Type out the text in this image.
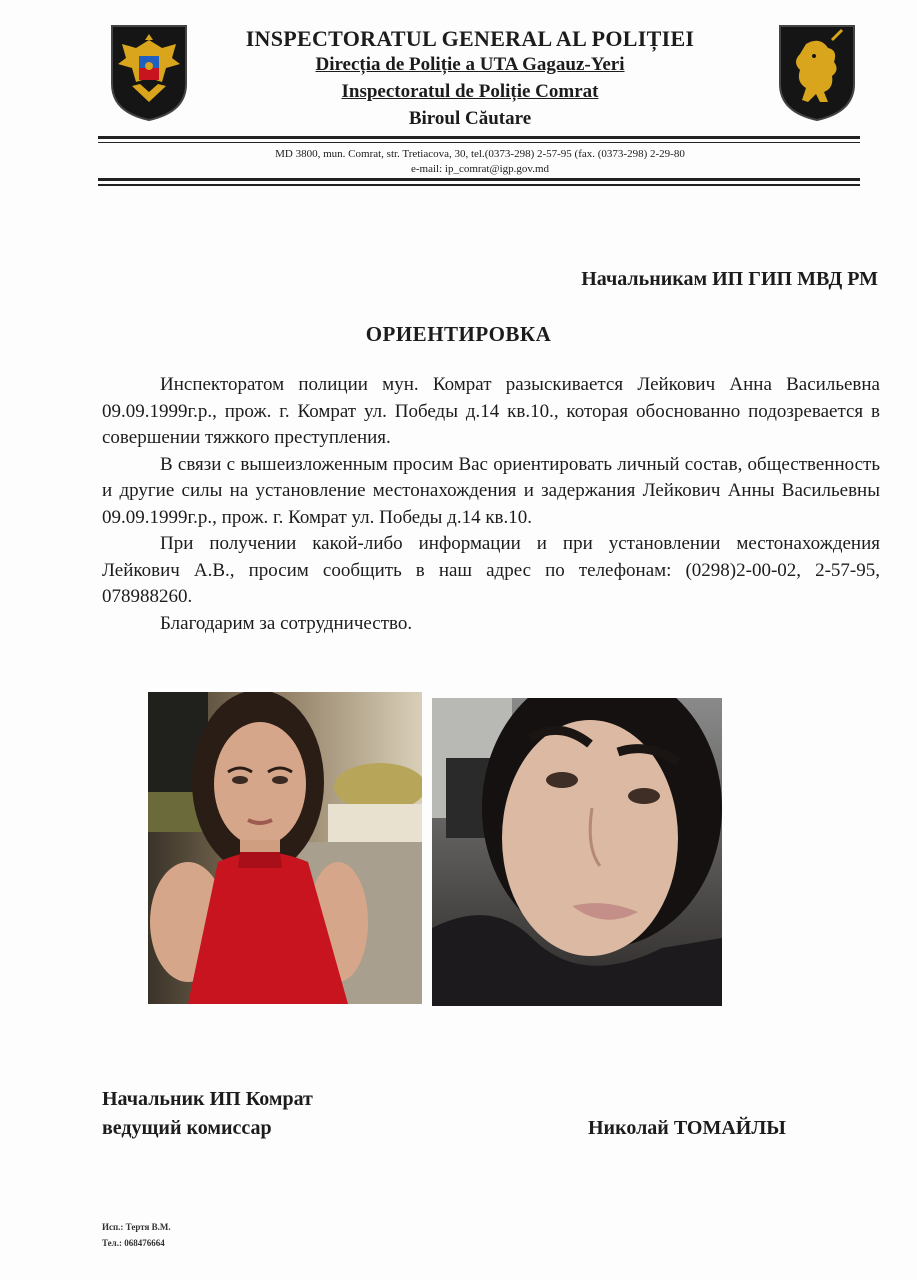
INSPECTORATUL GENERAL AL POLIȚIEI
Direcția de Poliție a UTA Gagauz-Yeri
Inspectoratul de Poliție Comrat
Biroul Căutare
MD 3800, mun. Comrat, str. Tretiacova, 30, tel.(0373-298) 2-57-95 (fax. (0373-298) 2-29-80
e-mail: ip_comrat@igp.gov.md
Начальникам ИП ГИП МВД РМ
ОРИЕНТИРОВКА

Инспекторатом полиции мун. Комрат разыскивается Лейкович Анна Васильевна 09.09.1999г.р., прож. г. Комрат ул. Победы д.14 кв.10., которая обоснованно подозревается в совершении тяжкого преступления.

В связи с вышеизложенным просим Вас ориентировать личный состав, общественность и другие силы на установление местонахождения и задержания Лейкович Анны Васильевны 09.09.1999г.р., прож. г. Комрат ул. Победы д.14 кв.10.

При получении какой-либо информации и при установлении местонахождения Лейкович А.В., просим сообщить в наш адрес по телефонам: (0298)2-00-02, 2-57-95, 078988260.

Благодарим за сотрудничество.

Начальник ИП Комрат
ведущий комиссар	Николай ТОМАЙЛЫ
Исп.: Тертя В.М.
Тел.: 068476664
